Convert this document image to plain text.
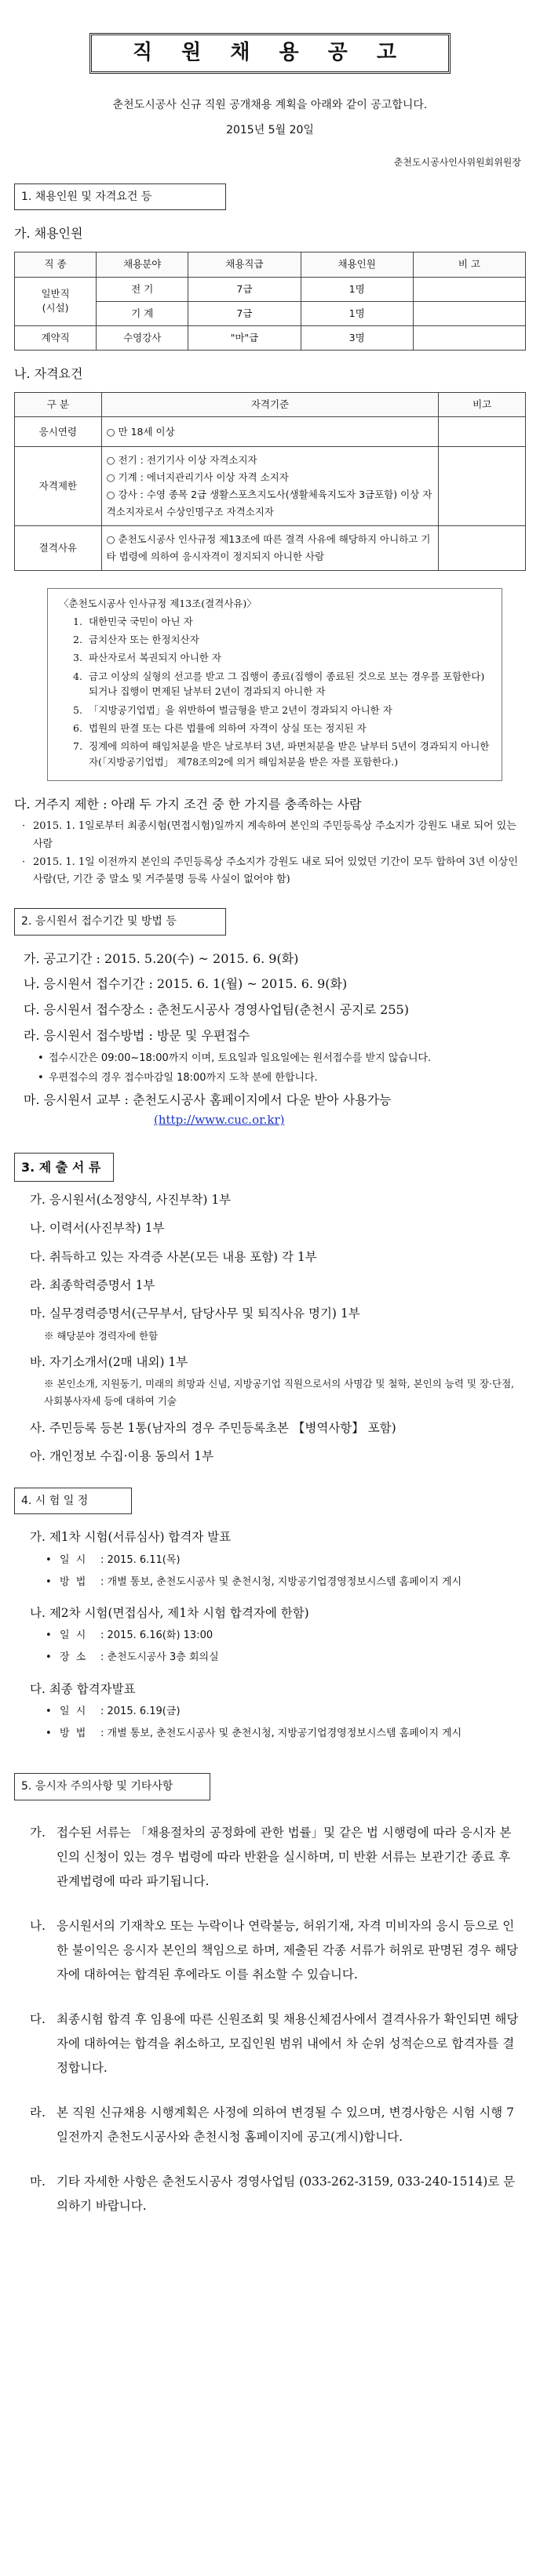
직 원 채 용 공 고
춘천도시공사 신규 직원 공개채용 계획을 아래와 같이 공고합니다.
2015년 5월 20일
춘천도시공사인사위원회위원장
1. 채용인원 및 자격요건 등
가. 채용인원
직 종	채용분야	채용직급	채용인원	비 고
일반직
(시설)	전 기	7급	1명	
	기 계	7급	1명	
계약직	수영강사	"마"급	3명	
나. 자격요건
구 분	자격기준	비고
응시연령	○ 만 18세 이상	
자격제한	○ 전기 : 전기기사 이상 자격소지자
○ 기계 : 에너지관리기사 이상 자격 소지자
○ 강사 : 수영 종목 2급 생활스포츠지도사(생활체육지도자 3급포함) 이상 자격소지자로서 수상인명구조 자격소지자	

결격사유	○ 춘천도시공사 인사규정 제13조에 따른 결격 사유에 해당하지 아니하고 기타 법령에 의하여 응시자격이 정지되지 아니한 사람	
〈춘천도시공사 인사규정 제13조(결격사유)〉
1. 대한민국 국민이 아닌 자
2. 금치산자 또는 한정치산자
3. 파산자로서 복권되지 아니한 자
4. 금고 이상의 실형의 선고를 받고 그 집행이 종료(집행이 종료된 것으로 보는 경우를 포함한다)되거나 집행이 면제된 날부터 2년이 경과되지 아니한 자
5. 「지방공기업법」을 위반하여 벌금형을 받고 2년이 경과되지 아니한 자
6. 법원의 판결 또는 다른 법률에 의하여 자격이 상실 또는 정지된 자
7. 징계에 의하여 해임처분을 받은 날로부터 3년, 파면처분을 받은 날부터 5년이 경과되지 아니한 자(「지방공기업법」 제78조의2에 의거 해임처분을 받은 자를 포함한다.)
다. 거주지 제한 : 아래 두 가지 조건 중 한 가지를 충족하는 사람
· 2015. 1. 1일로부터 최종시험(면접시험)일까지 계속하여 본인의 주민등록상 주소지가 강원도 내로 되어 있는 사람
· 2015. 1. 1일 이전까지 본인의 주민등록상 주소지가 강원도 내로 되어 있었던 기간이 모두 합하여 3년 이상인 사람(단, 기간 중 말소 및 거주불명 등록 사실이 없어야 함)
2. 응시원서 접수기간 및 방법 등
가. 공고기간 : 2015. 5.20(수) ~ 2015. 6. 9(화)
나. 응시원서 접수기간 : 2015. 6. 1(월) ~ 2015. 6. 9(화)
다. 응시원서 접수장소 : 춘천도시공사 경영사업팀(춘천시 공지로 255)
라. 응시원서 접수방법 : 방문 및 우편접수
• 접수시간은 09:00~18:00까지 이며, 토요일과 일요일에는 원서접수를 받지 않습니다.
• 우편접수의 경우 접수마감일 18:00까지 도착 분에 한합니다.
마. 응시원서 교부 : 춘천도시공사 홈페이지에서 다운 받아 사용가능
(http://www.cuc.or.kr)
3. 제 출 서 류
가. 응시원서(소정양식, 사진부착) 1부
나. 이력서(사진부착) 1부
다. 취득하고 있는 자격증 사본(모든 내용 포함) 각 1부
라. 최종학력증명서 1부
마. 실무경력증명서(근무부서, 담당사무 및 퇴직사유 명기) 1부
※ 해당분야 경력자에 한함
바. 자기소개서(2매 내외) 1부
※ 본인소개, 지원동기, 미래의 희망과 신념, 지방공기업 직원으로서의 사명감 및 철학, 본인의 능력 및 장·단점, 사회봉사자세 등에 대하여 기술
사. 주민등록 등본 1통(남자의 경우 주민등록초본 【병역사항】 포함)
아. 개인정보 수집·이용 동의서 1부
4. 시 험 일 정
가. 제1차 시험(서류심사) 합격자 발표
• 일 시	: 2015. 6.11(목)
• 방 법	: 개별 통보, 춘천도시공사 및 춘천시청, 지방공기업경영정보시스템 홈페이지 게시
나. 제2차 시험(면접심사, 제1차 시험 합격자에 한함)
• 일 시	: 2015. 6.16(화) 13:00
• 장 소	: 춘천도시공사 3층 회의실
다. 최종 합격자발표
• 일 시	: 2015. 6.19(금)
• 방 법	: 개별 통보, 춘천도시공사 및 춘천시청, 지방공기업경영정보시스템 홈페이지 게시
5. 응시자 주의사항 및 기타사항
가. 접수된 서류는 「채용절차의 공정화에 관한 법률」및 같은 법 시행령에 따라 응시자 본인의 신청이 있는 경우 법령에 따라 반환을 실시하며, 미 반환 서류는 보관기간 종료 후 관계법령에 따라 파기됩니다.
나. 응시원서의 기재착오 또는 누락이나 연락불능, 허위기재, 자격 미비자의 응시 등으로 인한 불이익은 응시자 본인의 책임으로 하며, 제출된 각종 서류가 허위로 판명된 경우 해당자에 대하여는 합격된 후에라도 이를 취소할 수 있습니다.
다. 최종시험 합격 후 임용에 따른 신원조회 및 채용신체검사에서 결격사유가 확인되면 해당자에 대하여는 합격을 취소하고, 모집인원 범위 내에서 차 순위 성적순으로 합격자를 결정합니다.
라. 본 직원 신규채용 시행계획은 사정에 의하여 변경될 수 있으며, 변경사항은 시험 시행 7일전까지 춘천도시공사와 춘천시청 홈페이지에 공고(게시)합니다.
마. 기타 자세한 사항은 춘천도시공사 경영사업팀 (033-262-3159, 033-240-1514)로 문의하기 바랍니다.
